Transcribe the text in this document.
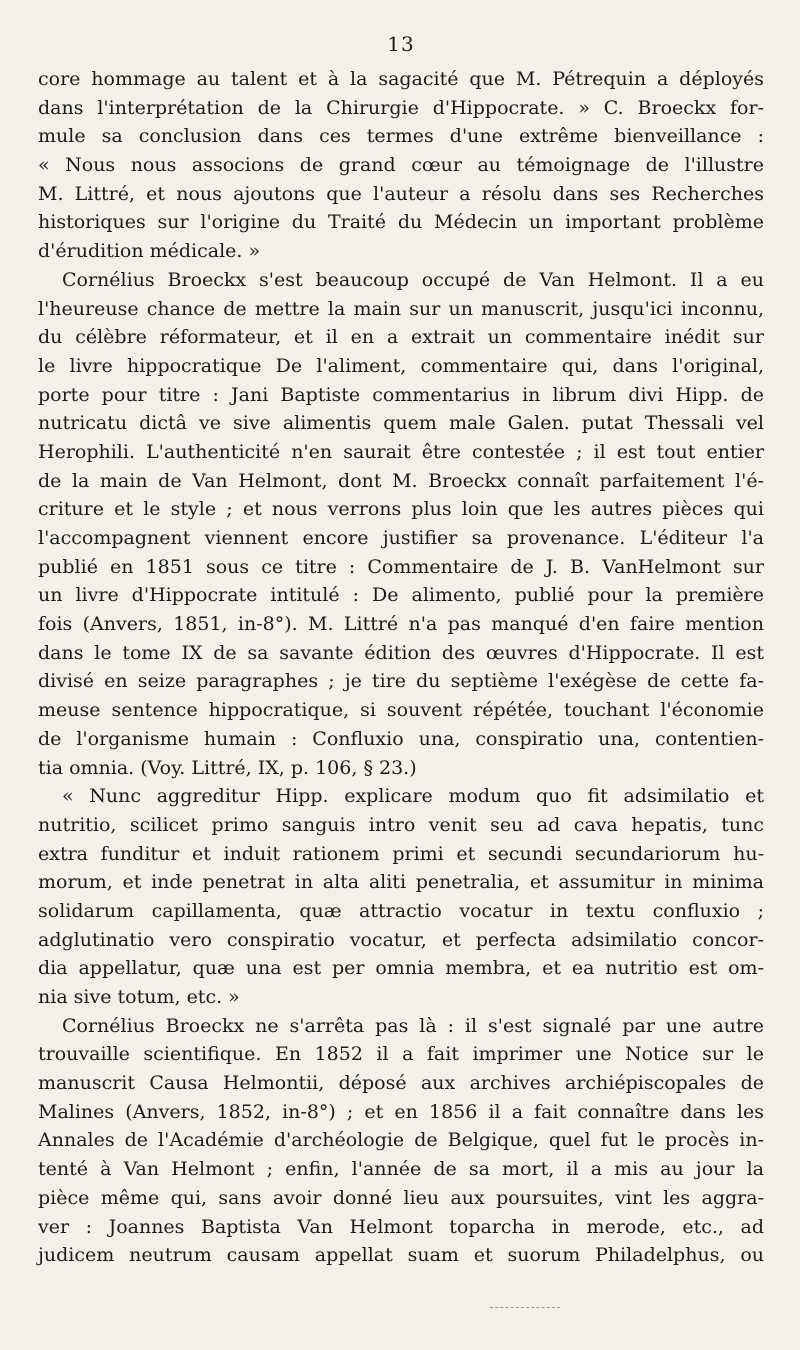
13
core hommage au talent et à la sagacité que M. Pétrequin a déployés
dans l'interprétation de la Chirurgie d'Hippocrate. » C. Broeckx for-
mule sa conclusion dans ces termes d'une extrême bienveillance :
« Nous nous associons de grand cœur au témoignage de l'illustre
M. Littré, et nous ajoutons que l'auteur a résolu dans ses Recherches
historiques sur l'origine du Traité du Médecin un important problème
d'érudition médicale. »
Cornélius Broeckx s'est beaucoup occupé de Van Helmont. Il a eu
l'heureuse chance de mettre la main sur un manuscrit, jusqu'ici inconnu,
du célèbre réformateur, et il en a extrait un commentaire inédit sur
le livre hippocratique De l'aliment, commentaire qui, dans l'original,
porte pour titre : Jani Baptiste commentarius in librum divi Hipp. de
nutricatu dictâ ve sive alimentis quem male Galen. putat Thessali vel
Herophili. L'authenticité n'en saurait être contestée ; il est tout entier
de la main de Van Helmont, dont M. Broeckx connaît parfaitement l'é-
criture et le style ; et nous verrons plus loin que les autres pièces qui
l'accompagnent viennent encore justifier sa provenance. L'éditeur l'a
publié en 1851 sous ce titre : Commentaire de J. B. VanHelmont sur
un livre d'Hippocrate intitulé : De alimento, publié pour la première
fois (Anvers, 1851, in-8°). M. Littré n'a pas manqué d'en faire mention
dans le tome IX de sa savante édition des œuvres d'Hippocrate. Il est
divisé en seize paragraphes ; je tire du septième l'exégèse de cette fa-
meuse sentence hippocratique, si souvent répétée, touchant l'économie
de l'organisme humain : Confluxio una, conspiratio una, contentien-
tia omnia. (Voy. Littré, IX, p. 106, § 23.)
« Nunc aggreditur Hipp. explicare modum quo fit adsimilatio et
nutritio, scilicet primo sanguis intro venit seu ad cava hepatis, tunc
extra funditur et induit rationem primi et secundi secundariorum hu-
morum, et inde penetrat in alta aliti penetralia, et assumitur in minima
solidarum capillamenta, quæ attractio vocatur in textu confluxio ;
adglutinatio vero conspiratio vocatur, et perfecta adsimilatio concor-
dia appellatur, quæ una est per omnia membra, et ea nutritio est om-
nia sive totum, etc. »
Cornélius Broeckx ne s'arrêta pas là : il s'est signalé par une autre
trouvaille scientifique. En 1852 il a fait imprimer une Notice sur le
manuscrit Causa Helmontii, déposé aux archives archiépiscopales de
Malines (Anvers, 1852, in-8°) ; et en 1856 il a fait connaître dans les
Annales de l'Académie d'archéologie de Belgique, quel fut le procès in-
tenté à Van Helmont ; enfin, l'année de sa mort, il a mis au jour la
pièce même qui, sans avoir donné lieu aux poursuites, vint les aggra-
ver : Joannes Baptista Van Helmont toparcha in merode, etc., ad
judicem neutrum causam appellat suam et suorum Philadelphus, ou
